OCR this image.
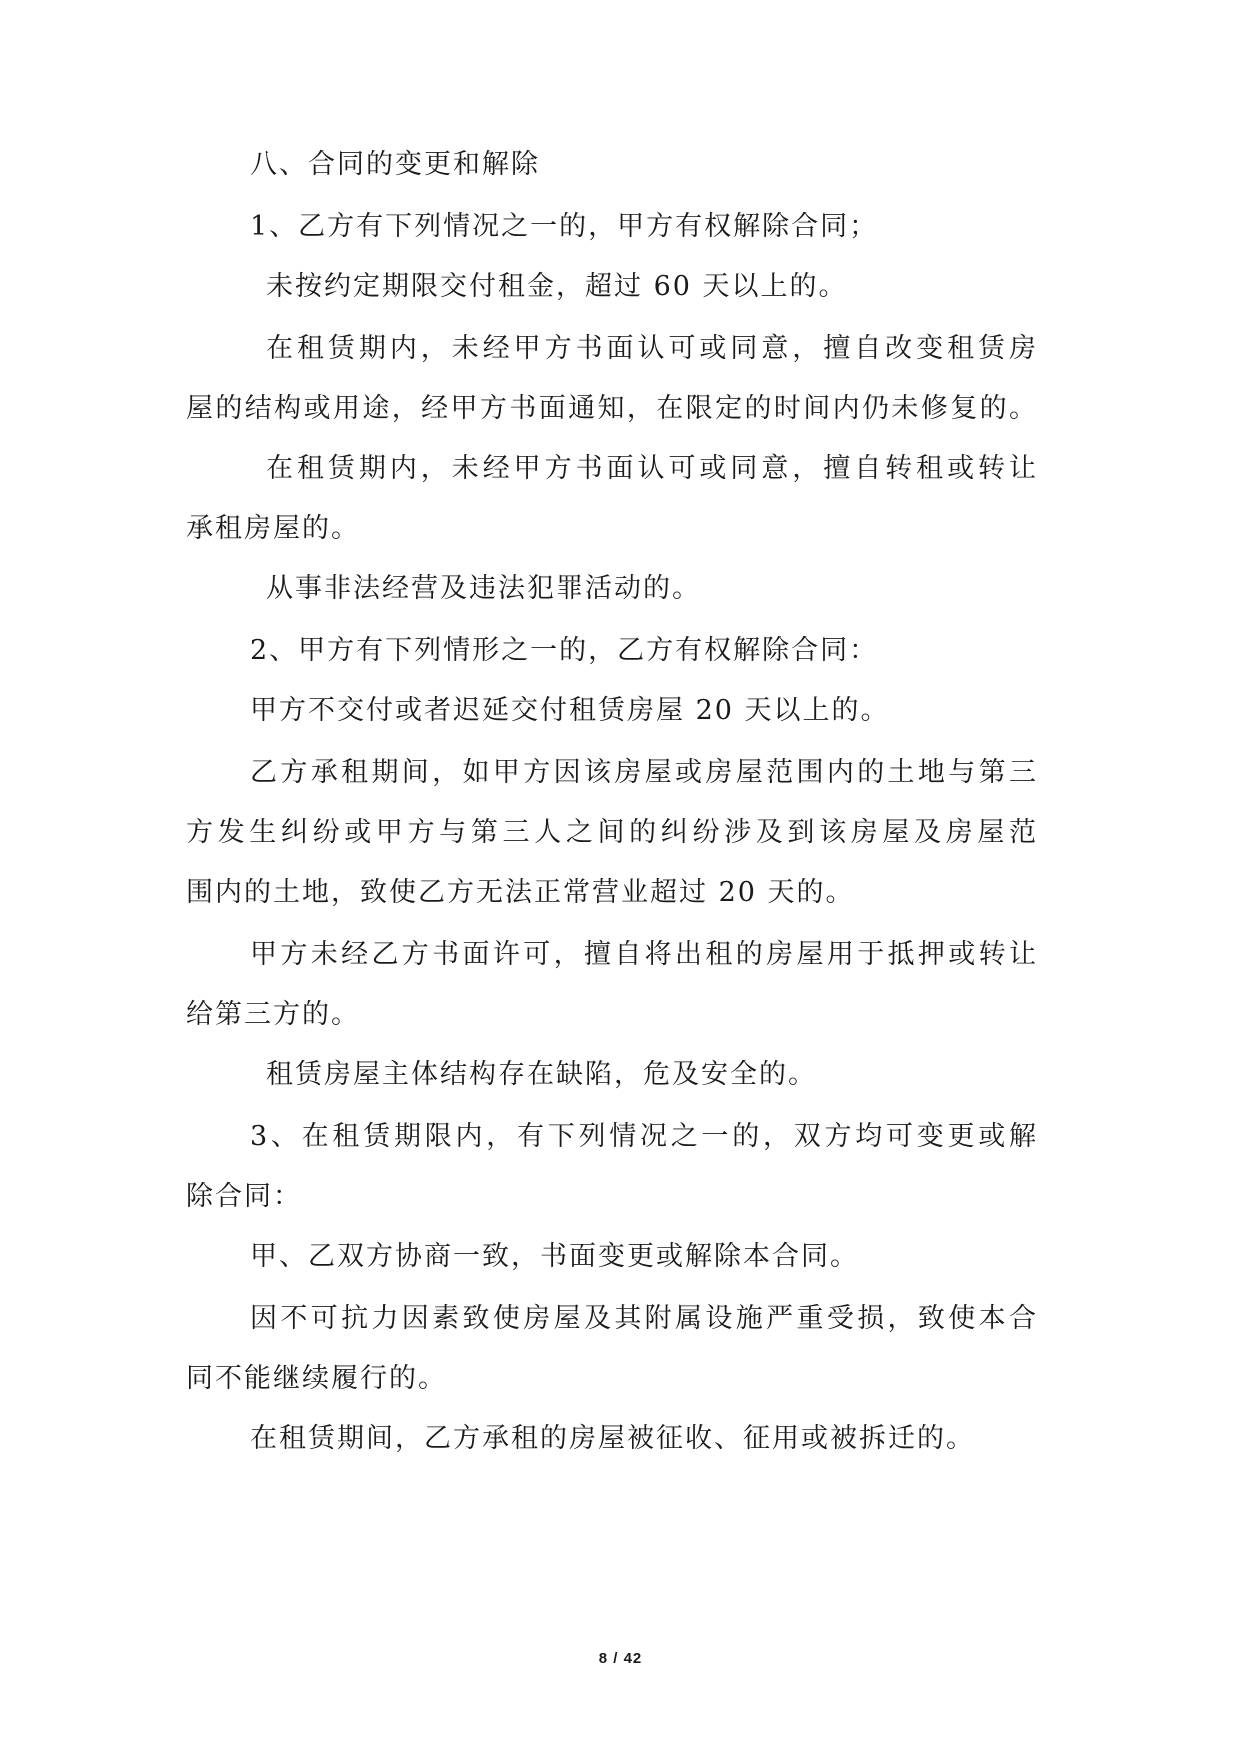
八、合同的变更和解除
1、乙方有下列情况之一的，甲方有权解除合同；
未按约定期限交付租金，超过 60 天以上的。
在租赁期内，未经甲方书面认可或同意，擅自改变租赁房
屋的结构或用途，经甲方书面通知，在限定的时间内仍未修复的。
在租赁期内，未经甲方书面认可或同意，擅自转租或转让
承租房屋的。
从事非法经营及违法犯罪活动的。
2、甲方有下列情形之一的，乙方有权解除合同：
甲方不交付或者迟延交付租赁房屋 20 天以上的。
乙方承租期间，如甲方因该房屋或房屋范围内的土地与第三
方发生纠纷或甲方与第三人之间的纠纷涉及到该房屋及房屋范
围内的土地，致使乙方无法正常营业超过 20 天的。
甲方未经乙方书面许可，擅自将出租的房屋用于抵押或转让
给第三方的。
租赁房屋主体结构存在缺陷，危及安全的。
3、在租赁期限内，有下列情况之一的，双方均可变更或解
除合同：
甲、乙双方协商一致，书面变更或解除本合同。
因不可抗力因素致使房屋及其附属设施严重受损，致使本合
同不能继续履行的。
在租赁期间，乙方承租的房屋被征收、征用或被拆迁的。
8 / 42
